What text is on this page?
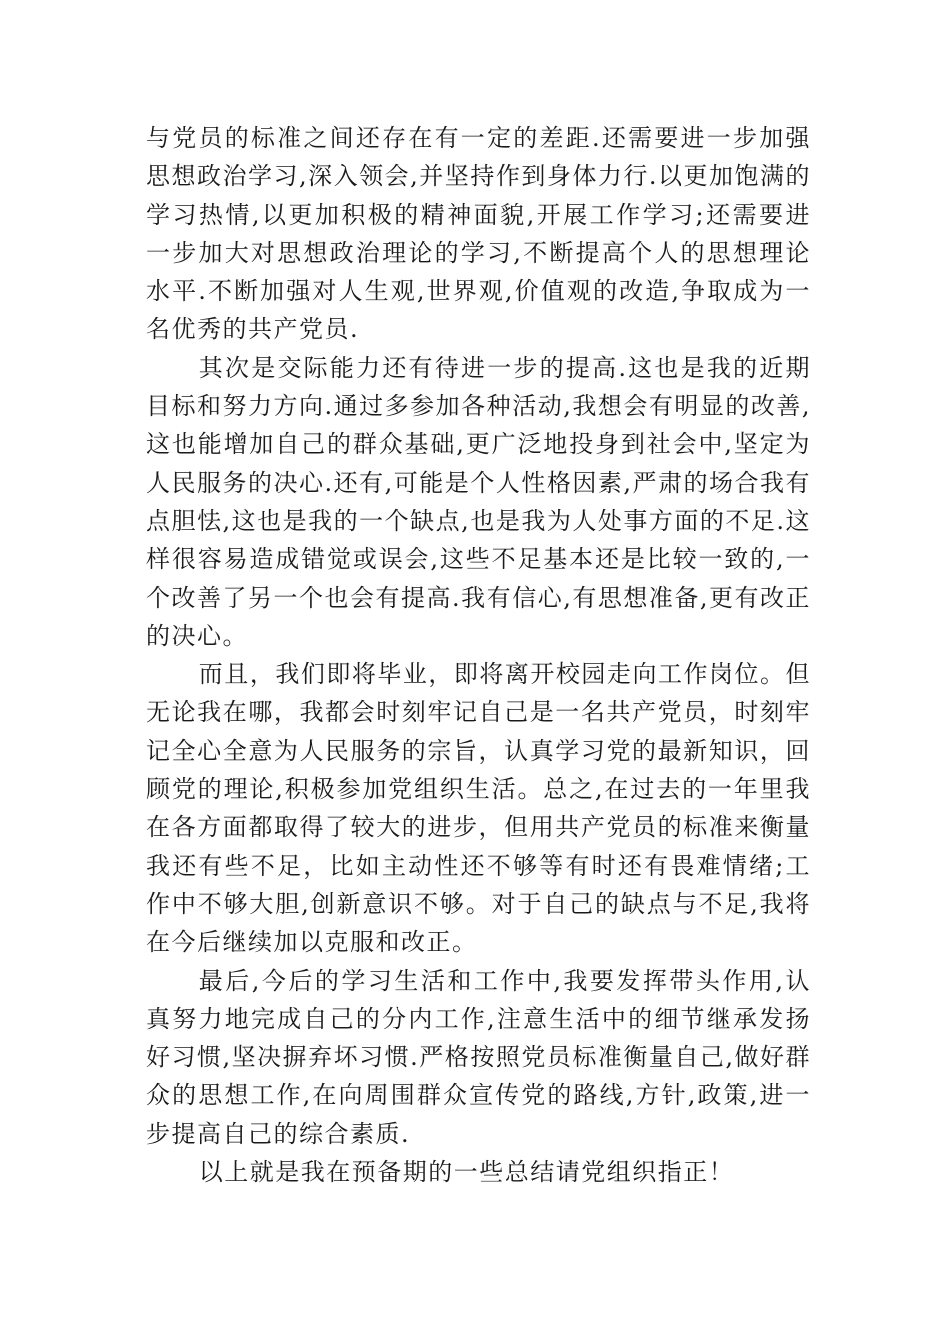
与党员的标准之间还存在有一定的差距.还需要进一步加强思想政治学习,深入领会,并坚持作到身体力行.以更加饱满的学习热情,以更加积极的精神面貌,开展工作学习;还需要进一步加大对思想政治理论的学习,不断提高个人的思想理论水平.不断加强对人生观,世界观,价值观的改造,争取成为一名优秀的共产党员.

其次是交际能力还有待进一步的提高.这也是我的近期目标和努力方向.通过多参加各种活动,我想会有明显的改善,这也能增加自己的群众基础,更广泛地投身到社会中,坚定为人民服务的决心.还有,可能是个人性格因素,严肃的场合我有点胆怯,这也是我的一个缺点,也是我为人处事方面的不足.这样很容易造成错觉或误会,这些不足基本还是比较一致的,一个改善了另一个也会有提高.我有信心,有思想准备,更有改正的决心。

而且，我们即将毕业，即将离开校园走向工作岗位。但无论我在哪，我都会时刻牢记自己是一名共产党员，时刻牢记全心全意为人民服务的宗旨，认真学习党的最新知识，回顾党的理论,积极参加党组织生活。总之,在过去的一年里我在各方面都取得了较大的进步，但用共产党员的标准来衡量我还有些不足，比如主动性还不够等有时还有畏难情绪;工作中不够大胆,创新意识不够。对于自己的缺点与不足,我将在今后继续加以克服和改正。

最后,今后的学习生活和工作中,我要发挥带头作用,认真努力地完成自己的分内工作,注意生活中的细节继承发扬好习惯,坚决摒弃坏习惯.严格按照党员标准衡量自己,做好群众的思想工作,在向周围群众宣传党的路线,方针,政策,进一步提高自己的综合素质.

以上就是我在预备期的一些总结请党组织指正！
